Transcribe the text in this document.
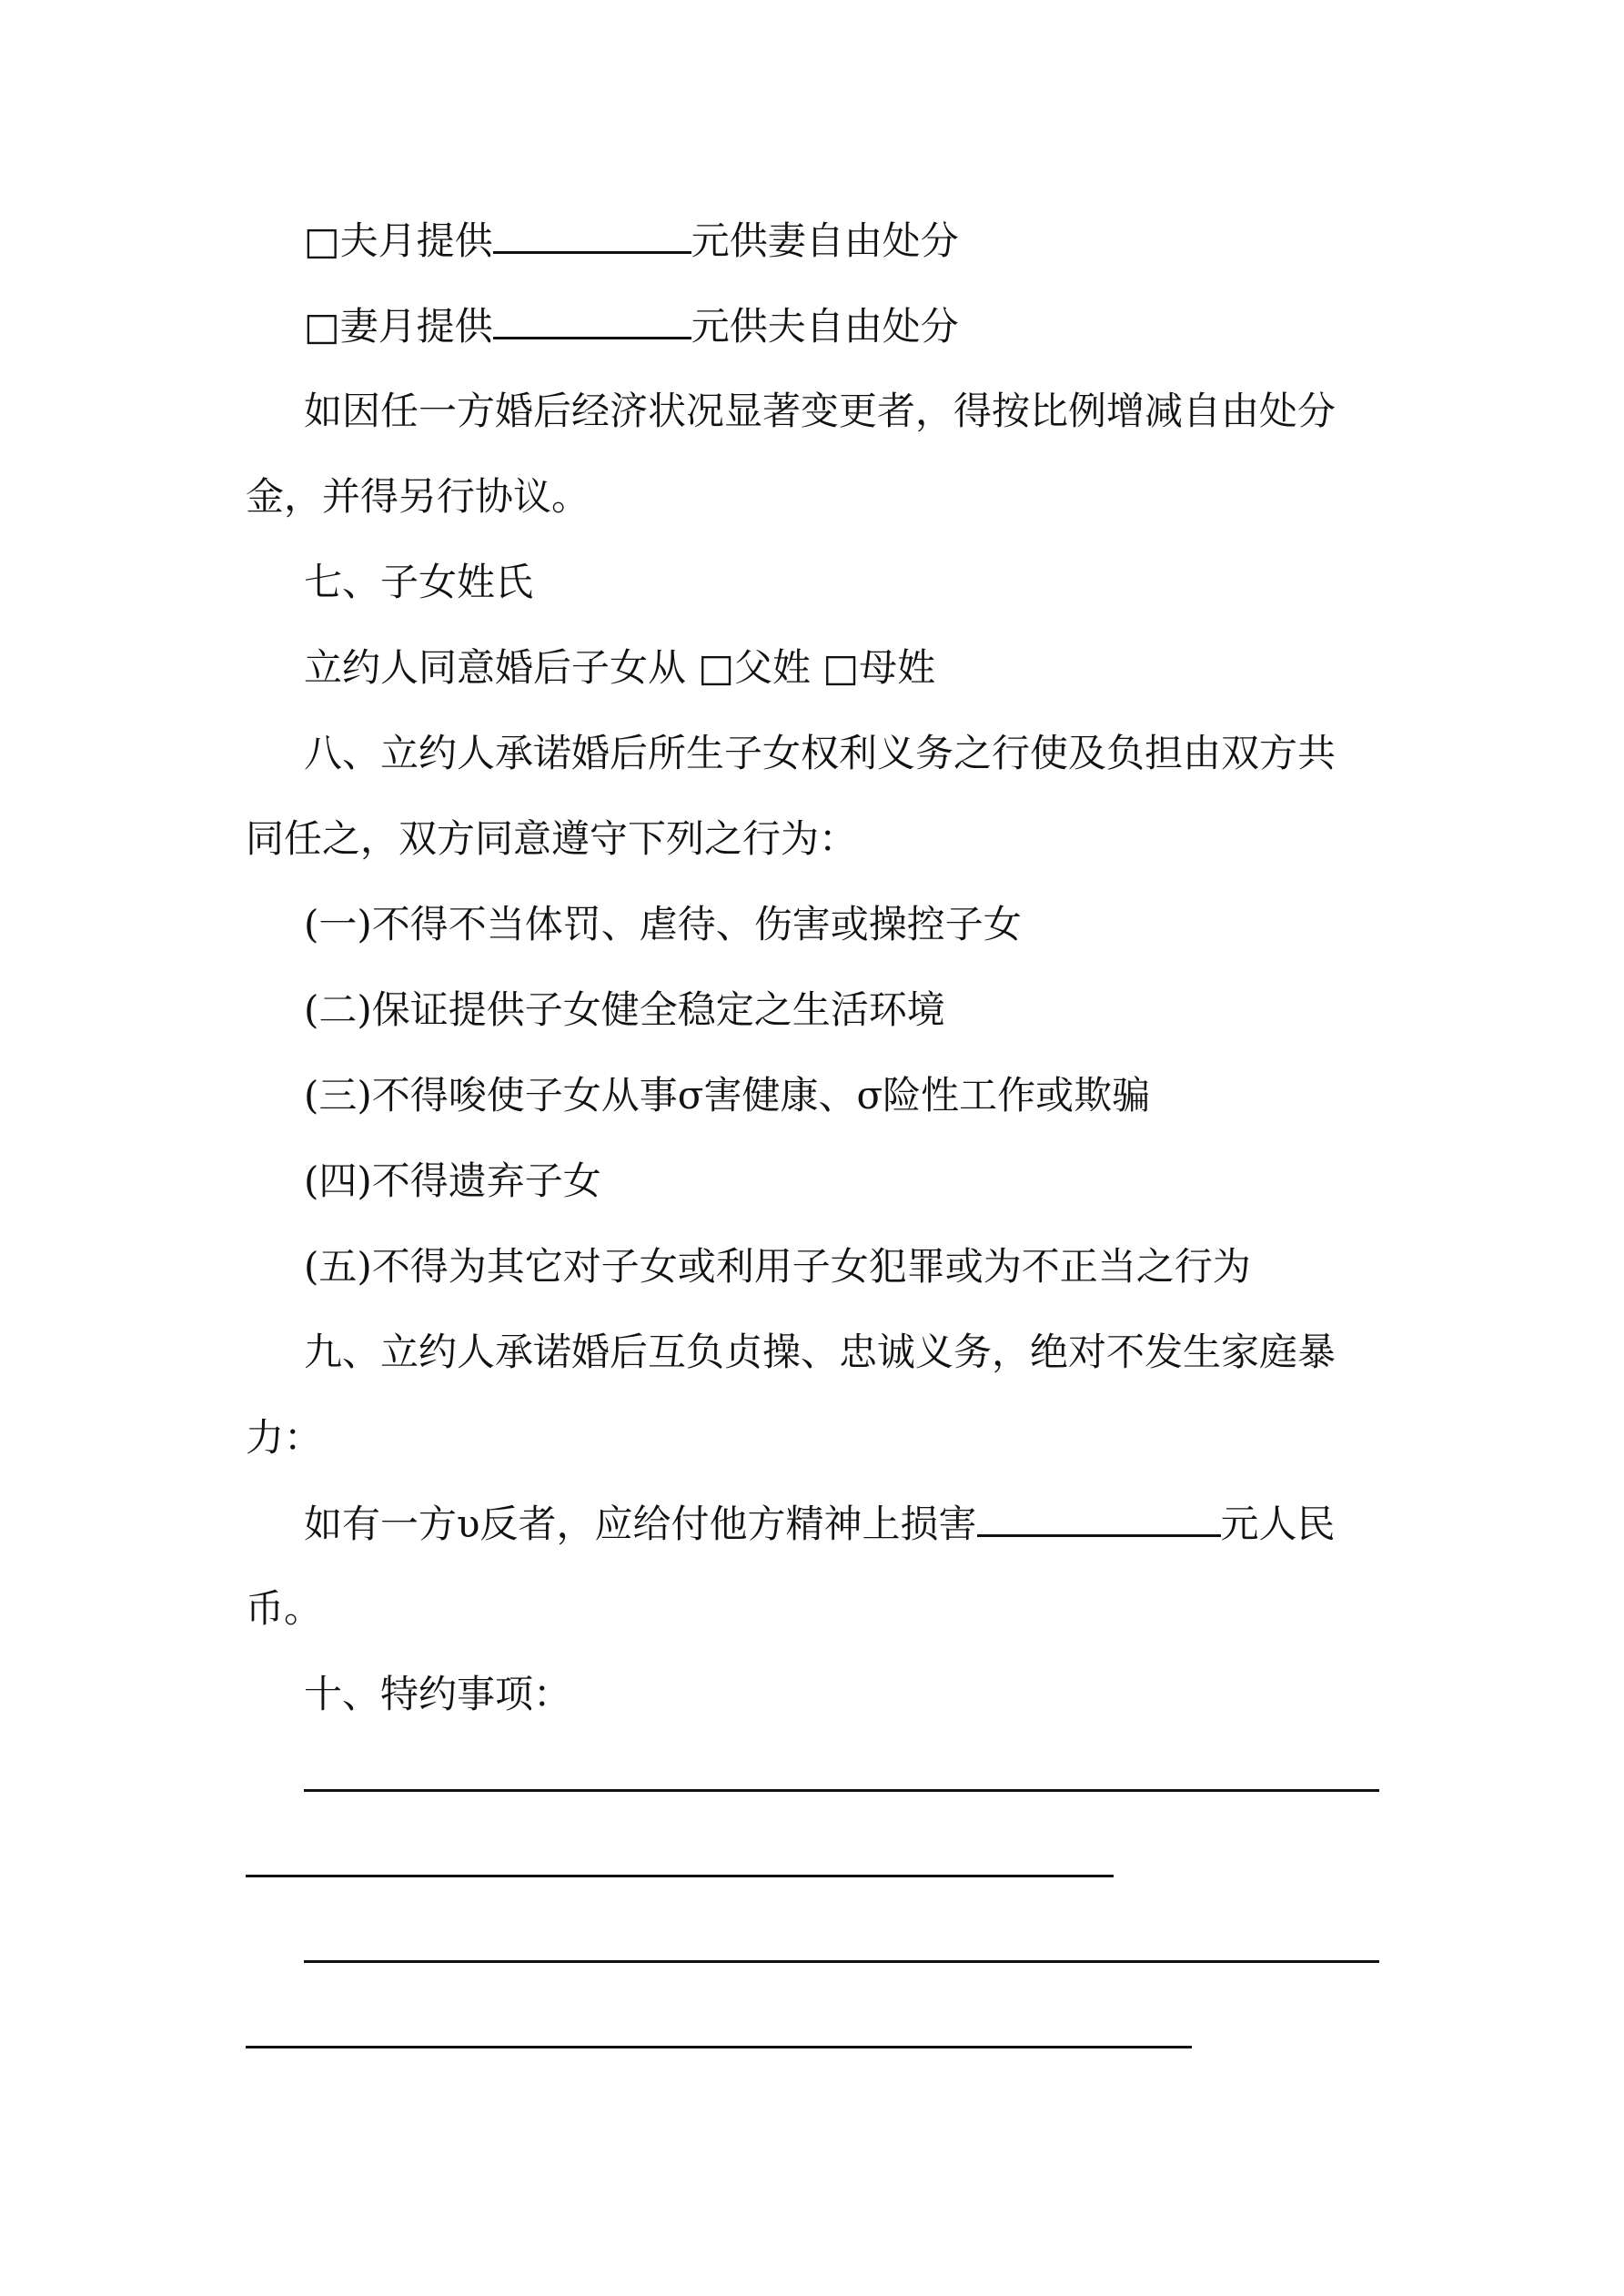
□夫月提供	元供妻自由处分
□妻月提供	元供夫自由处分
如因任一方婚后经济状况显著变更者，得按比例增减自由处分
金，并得另行协议。
七、子女姓氏
立约人同意婚后子女从 □父姓 □母姓
八、立约人承诺婚后所生子女权利义务之行使及负担由双方共
同任之，双方同意遵守下列之行为：
(一)不得不当体罚、虐待、伤害或操控子女
(二)保证提供子女健全稳定之生活环境
(三)不得唆使子女从事σ害健康、σ险性工作或欺骗
(四)不得遗弃子女
(五)不得为其它对子女或利用子女犯罪或为不正当之行为
九、立约人承诺婚后互负贞操、忠诚义务，绝对不发生家庭暴
力：
如有一方υ反者，应给付他方精神上损害	元人民
币。
十、特约事项：
